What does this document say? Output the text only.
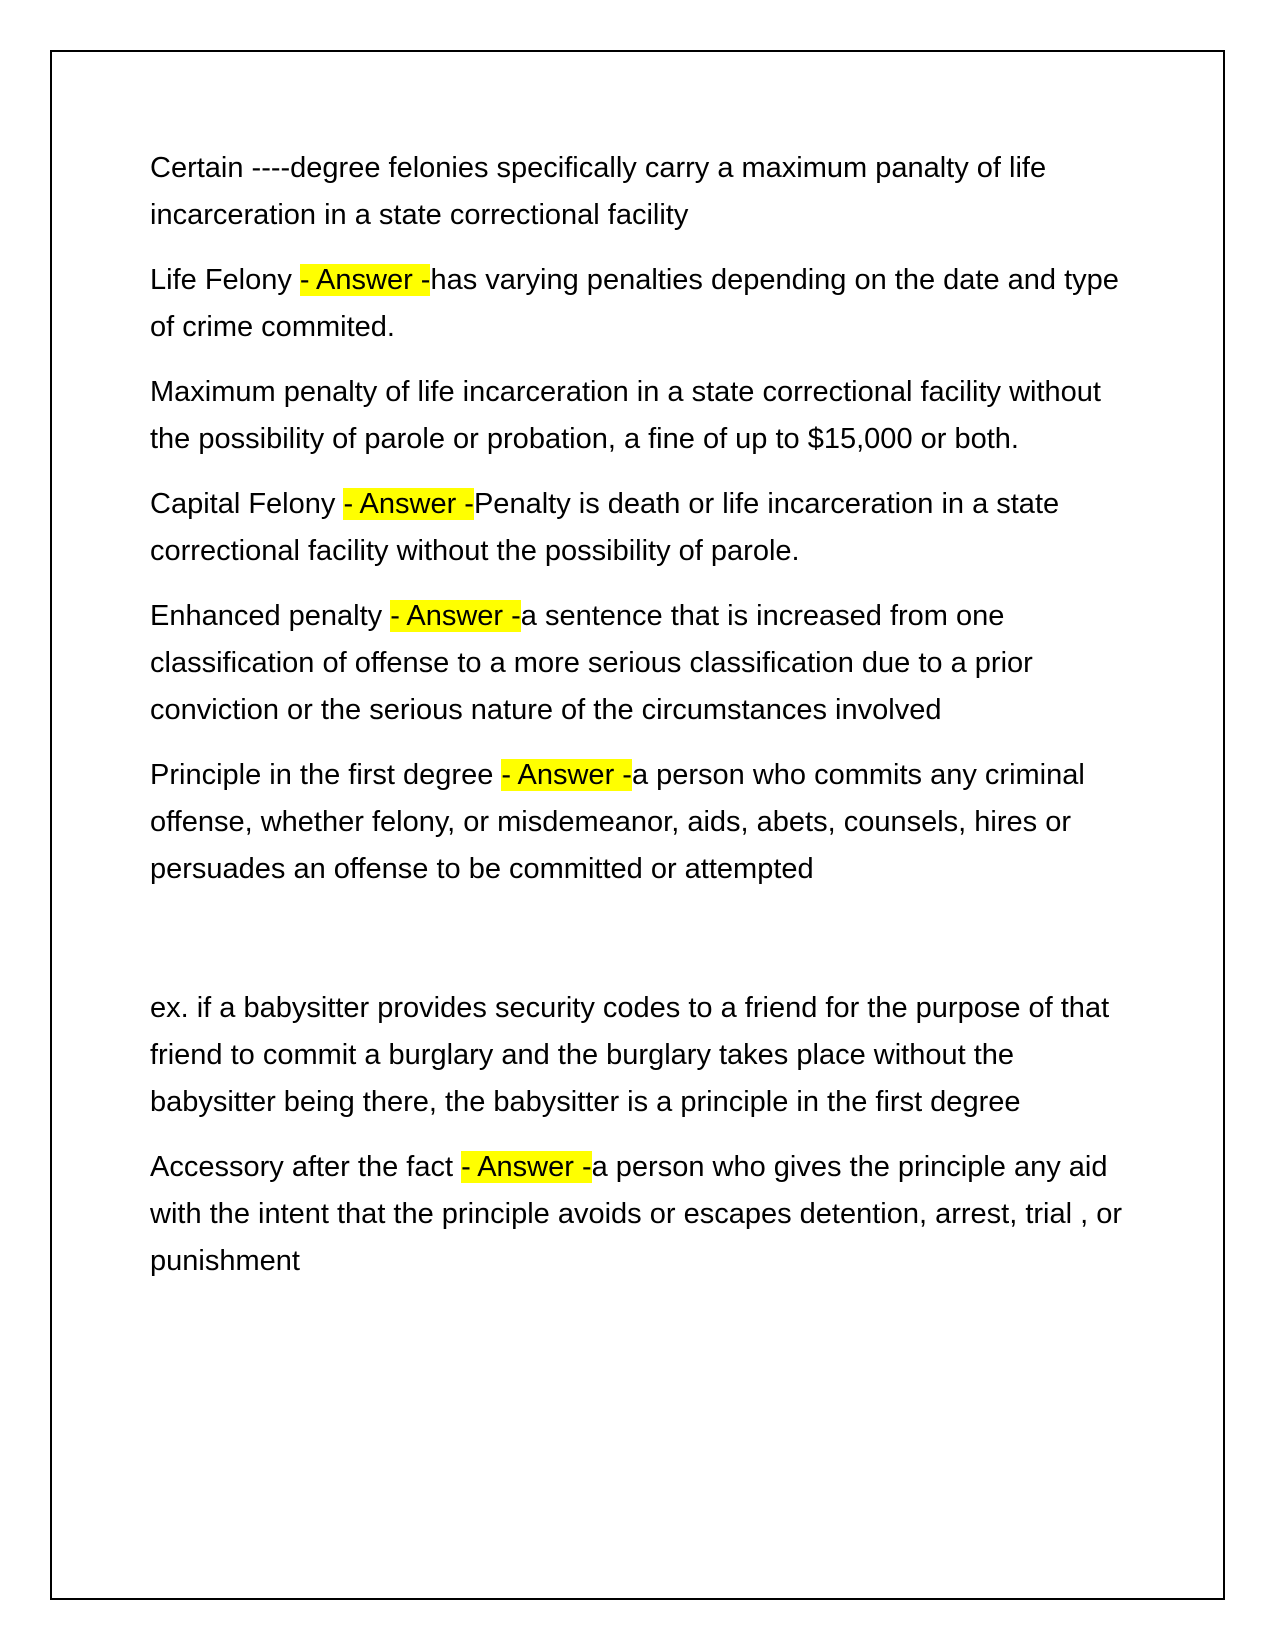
Certain ----degree felonies specifically carry a maximum panalty of life incarceration in a state correctional facility

Life Felony - Answer -has varying penalties depending on the date and type of crime commited.

Maximum penalty of life incarceration in a state correctional facility without the possibility of parole or probation, a fine of up to $15,000 or both.

Capital Felony - Answer -Penalty is death or life incarceration in a state correctional facility without the possibility of parole.

Enhanced penalty - Answer -a sentence that is increased from one classification of offense to a more serious classification due to a prior conviction or the serious nature of the circumstances involved

Principle in the first degree - Answer -a person who commits any criminal offense, whether felony, or misdemeanor, aids, abets, counsels, hires or persuades an offense to be committed or attempted

ex. if a babysitter provides security codes to a friend for the purpose of that friend to commit a burglary and the burglary takes place without the babysitter being there, the babysitter is a principle in the first degree

Accessory after the fact - Answer -a person who gives the principle any aid with the intent that the principle avoids or escapes detention, arrest, trial , or punishment
